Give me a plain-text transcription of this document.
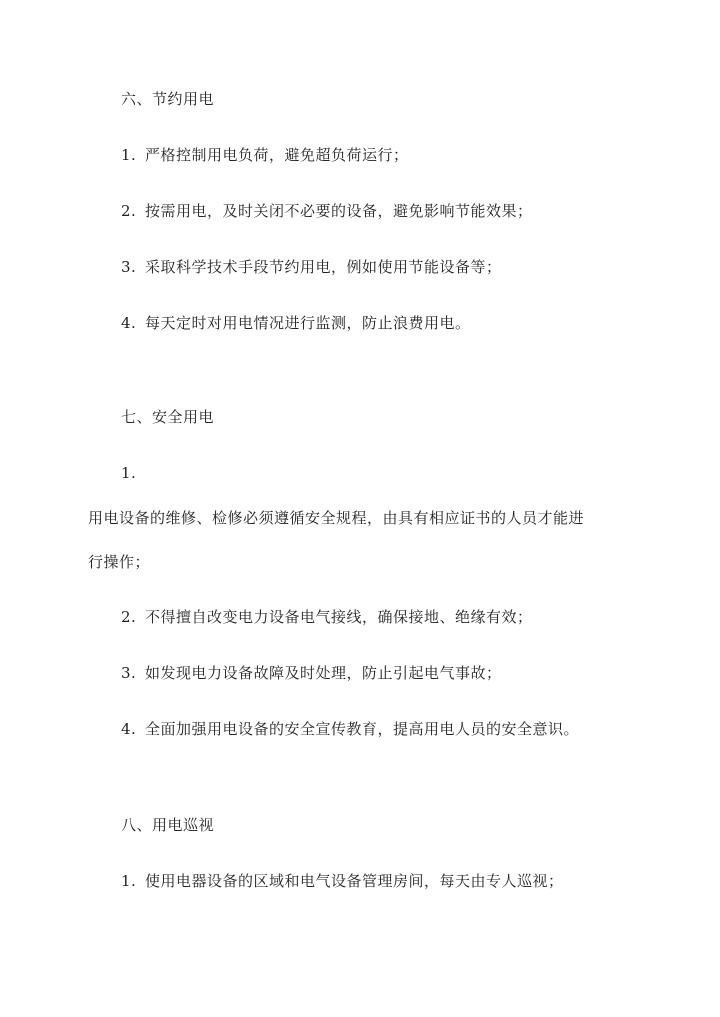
六、节约用电
1. 严格控制用电负荷，避免超负荷运行；
2. 按需用电，及时关闭不必要的设备，避免影响节能效果；
3. 采取科学技术手段节约用电，例如使用节能设备等；
4. 每天定时对用电情况进行监测，防止浪费用电。
七、安全用电
1.
用电设备的维修、检修必须遵循安全规程，由具有相应证书的人员才能进
行操作；
2. 不得擅自改变电力设备电气接线，确保接地、绝缘有效；
3. 如发现电力设备故障及时处理，防止引起电气事故；
4. 全面加强用电设备的安全宣传教育，提高用电人员的安全意识。
八、用电巡视
1. 使用电器设备的区域和电气设备管理房间，每天由专人巡视；
